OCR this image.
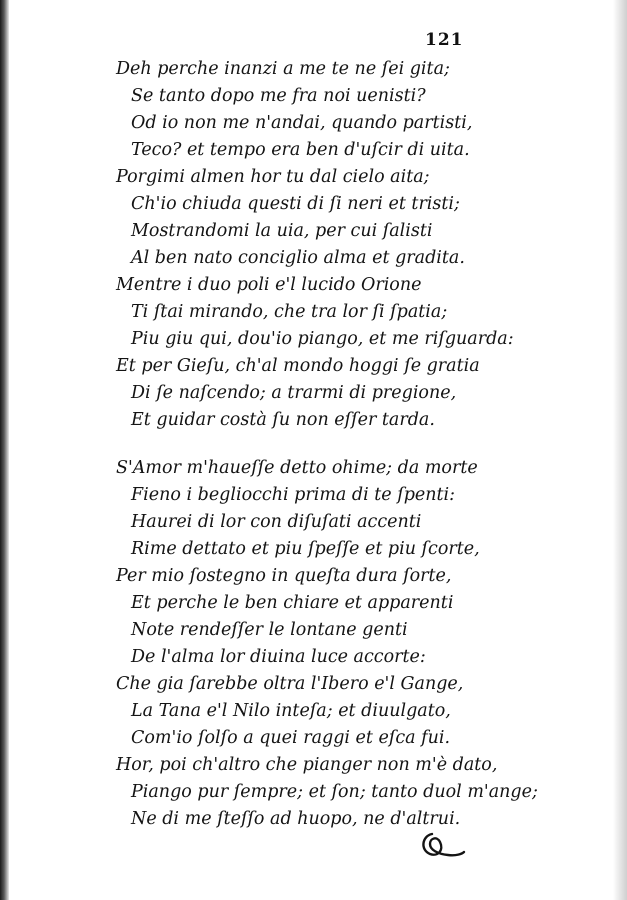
121
Deh perche inanzi a me te ne ſei gita;
Se tanto dopo me fra noi uenisti?
Od io non me n'andai, quando partisti,
Teco? et tempo era ben d'uſcir di uita.
Porgimi almen hor tu dal cielo aita;
Ch'io chiuda questi di ſi neri et tristi;
Mostrandomi la uia, per cui ſalisti
Al ben nato conciglio alma et gradita.
Mentre i duo poli e'l lucido Orione
Ti ſtai mirando, che tra lor ſi ſpatia;
Piu giu qui, dou'io piango, et me riſguarda:
Et per Gieſu, ch'al mondo hoggi ſe gratia
Di ſe naſcendo; a trarmi di pregione,
Et guidar costà ſu non eſſer tarda.
S'Amor m'haueſſe detto ohime; da morte
Fieno i begliocchi prima di te ſpenti:
Haurei di lor con diſuſati accenti
Rime dettato et piu ſpeſſe et piu ſcorte,
Per mio ſostegno in queſta dura ſorte,
Et perche le ben chiare et apparenti
Note rendeſſer le lontane genti
De l'alma lor diuina luce accorte:
Che gia ſarebbe oltra l'Ibero e'l Gange,
La Tana e'l Nilo inteſa; et diuulgato,
Com'io ſolſo a quei raggi et eſca fui.
Hor, poi ch'altro che pianger non m'è dato,
Piango pur ſempre; et ſon; tanto duol m'ange;
Ne di me ſteſſo ad huopo, ne d'altrui.
